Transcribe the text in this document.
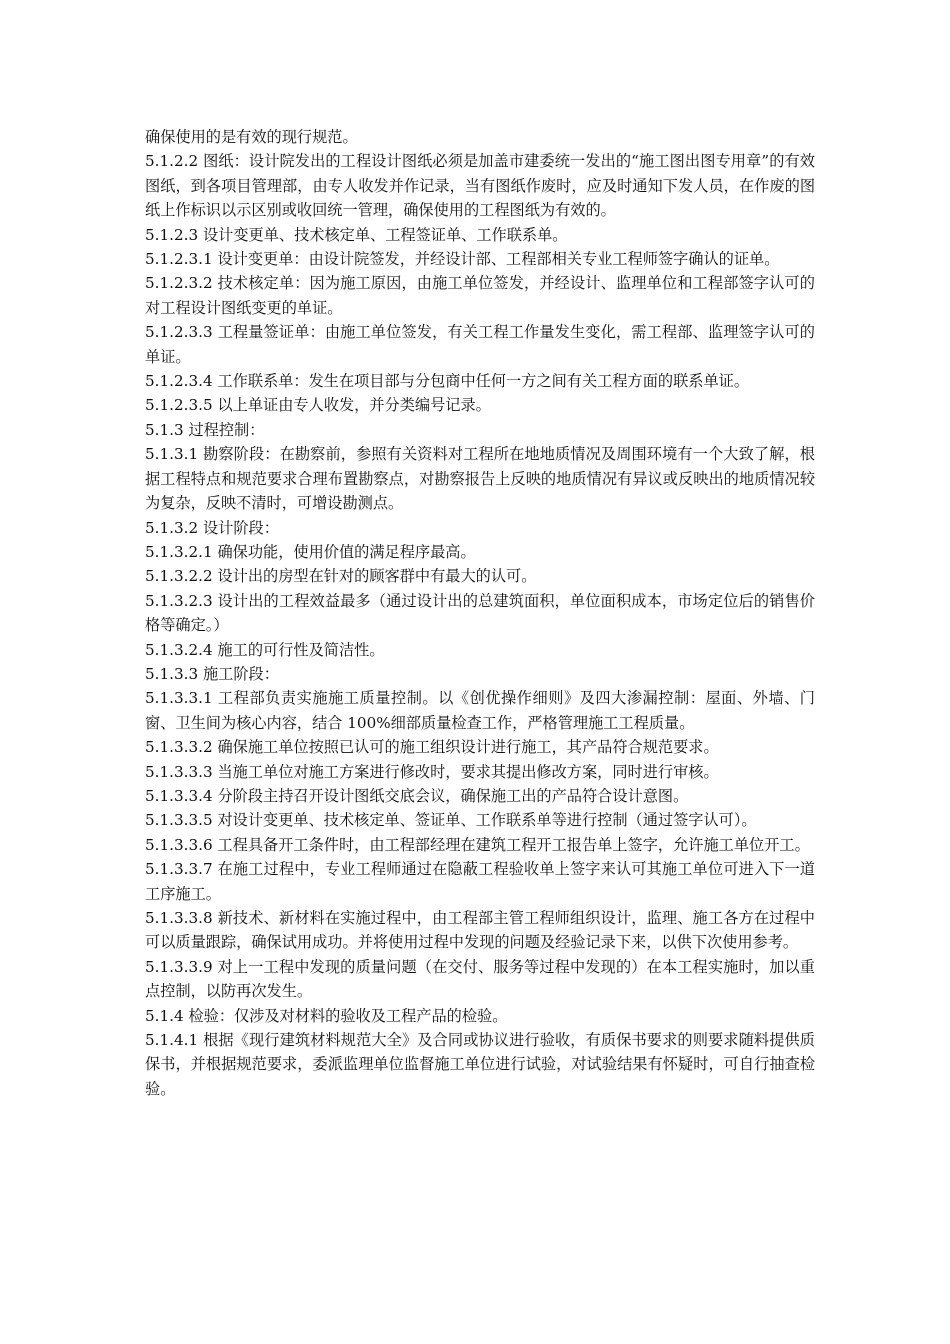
确保使用的是有效的现行规范。

5.1.2.2 图纸：设计院发出的工程设计图纸必须是加盖市建委统一发出的“施工图出图专用章”的有效图纸，到各项目管理部，由专人收发并作记录，当有图纸作废时，应及时通知下发人员，在作废的图纸上作标识以示区别或收回统一管理，确保使用的工程图纸为有效的。

5.1.2.3 设计变更单、技术核定单、工程签证单、工作联系单。

5.1.2.3.1 设计变更单：由设计院签发，并经设计部、工程部相关专业工程师签字确认的证单。

5.1.2.3.2 技术核定单：因为施工原因，由施工单位签发，并经设计、监理单位和工程部签字认可的对工程设计图纸变更的单证。

5.1.2.3.3 工程量签证单：由施工单位签发，有关工程工作量发生变化，需工程部、监理签字认可的单证。

5.1.2.3.4 工作联系单：发生在项目部与分包商中任何一方之间有关工程方面的联系单证。

5.1.2.3.5 以上单证由专人收发，并分类编号记录。

5.1.3 过程控制：

5.1.3.1 勘察阶段：在勘察前，参照有关资料对工程所在地地质情况及周围环境有一个大致了解，根据工程特点和规范要求合理布置勘察点，对勘察报告上反映的地质情况有异议或反映出的地质情况较为复杂，反映不清时，可增设勘测点。

5.1.3.2 设计阶段：

5.1.3.2.1 确保功能，使用价值的满足程序最高。

5.1.3.2.2 设计出的房型在针对的顾客群中有最大的认可。

5.1.3.2.3 设计出的工程效益最多（通过设计出的总建筑面积，单位面积成本，市场定位后的销售价格等确定。）

5.1.3.2.4 施工的可行性及简洁性。

5.1.3.3 施工阶段：

5.1.3.3.1 工程部负责实施施工质量控制。以《创优操作细则》及四大渗漏控制：屋面、外墙、门窗、卫生间为核心内容，结合 100%细部质量检查工作，严格管理施工工程质量。

5.1.3.3.2 确保施工单位按照已认可的施工组织设计进行施工，其产品符合规范要求。

5.1.3.3.3 当施工单位对施工方案进行修改时，要求其提出修改方案，同时进行审核。

5.1.3.3.4 分阶段主持召开设计图纸交底会议，确保施工出的产品符合设计意图。

5.1.3.3.5 对设计变更单、技术核定单、签证单、工作联系单等进行控制（通过签字认可）。

5.1.3.3.6 工程具备开工条件时，由工程部经理在建筑工程开工报告单上签字，允许施工单位开工。

5.1.3.3.7 在施工过程中，专业工程师通过在隐蔽工程验收单上签字来认可其施工单位可进入下一道工序施工。

5.1.3.3.8 新技术、新材料在实施过程中，由工程部主管工程师组织设计，监理、施工各方在过程中可以质量跟踪，确保试用成功。并将使用过程中发现的问题及经验记录下来，以供下次使用参考。

5.1.3.3.9 对上一工程中发现的质量问题（在交付、服务等过程中发现的）在本工程实施时，加以重点控制，以防再次发生。

5.1.4 检验：仅涉及对材料的验收及工程产品的检验。

5.1.4.1 根据《现行建筑材料规范大全》及合同或协议进行验收，有质保书要求的则要求随料提供质保书，并根据规范要求，委派监理单位监督施工单位进行试验，对试验结果有怀疑时，可自行抽查检验。
